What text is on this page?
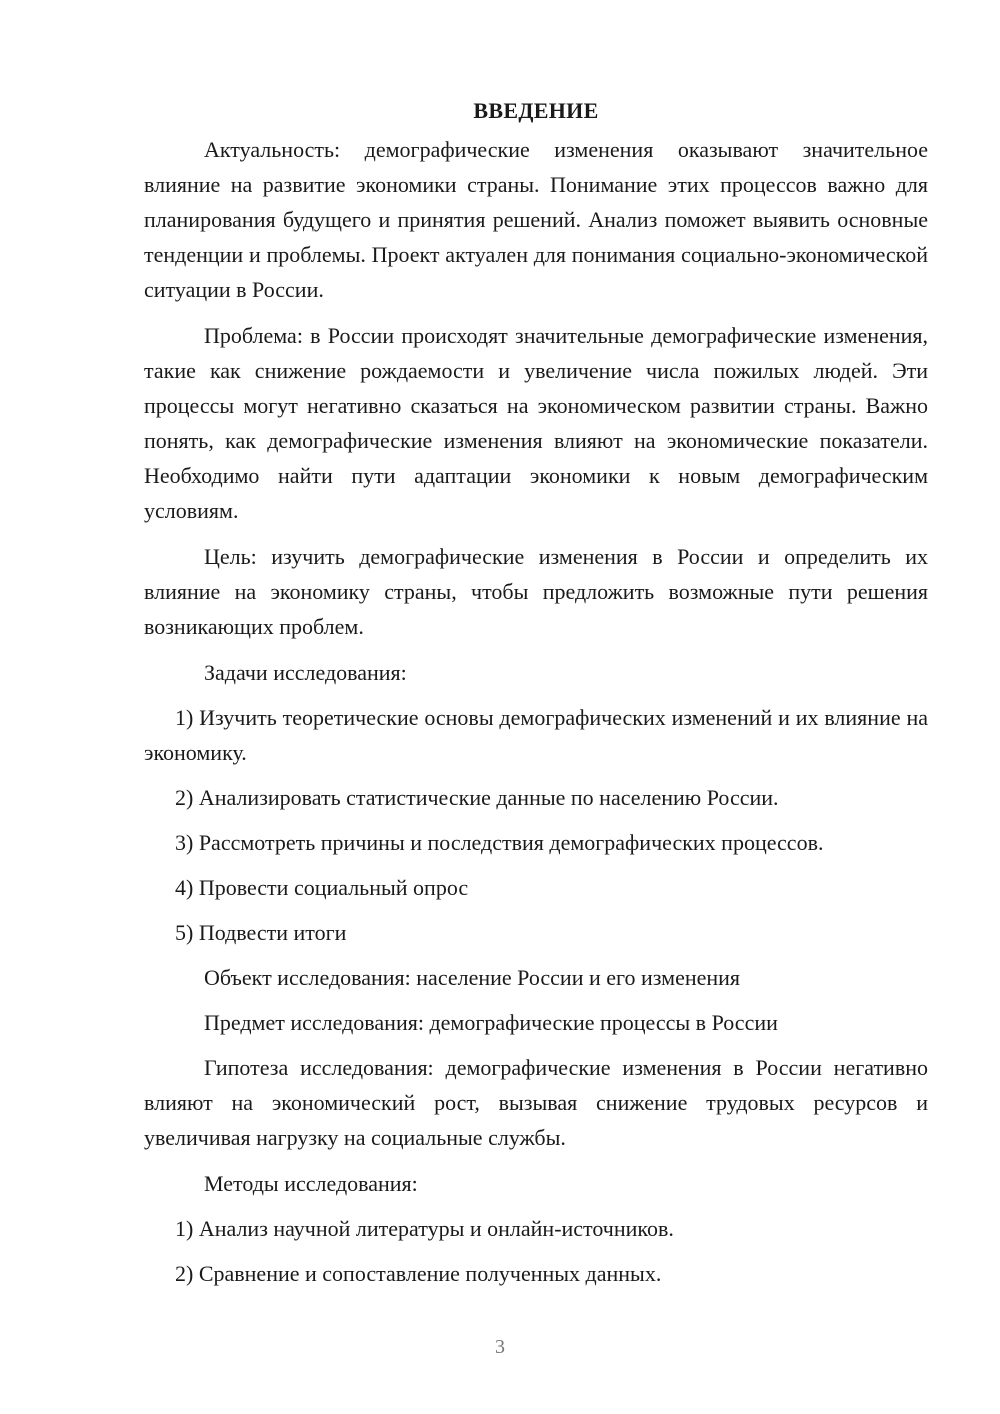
ВВЕДЕНИЕ

Актуальность: демографические изменения оказывают значительное влияние на развитие экономики страны. Понимание этих процессов важно для планирования будущего и принятия решений. Анализ поможет выявить основные тенденции и проблемы. Проект актуален для понимания социально-экономической ситуации в России.

Проблема: в России происходят значительные демографические изменения, такие как снижение рождаемости и увеличение числа пожилых людей. Эти процессы могут негативно сказаться на экономическом развитии страны. Важно понять, как демографические изменения влияют на экономические показатели. Необходимо найти пути адаптации экономики к новым демографическим условиям.

Цель: изучить демографические изменения в России и определить их влияние на экономику страны, чтобы предложить возможные пути решения возникающих проблем.

Задачи исследования:

1) Изучить теоретические основы демографических изменений и их влияние на экономику.

2) Анализировать статистические данные по населению России.

3) Рассмотреть причины и последствия демографических процессов.

4) Провести социальный опрос

5) Подвести итоги

Объект исследования: население России и его изменения

Предмет исследования: демографические процессы в России

Гипотеза исследования: демографические изменения в России негативно влияют на экономический рост, вызывая снижение трудовых ресурсов и увеличивая нагрузку на социальные службы.

Методы исследования:

1) Анализ научной литературы и онлайн-источников.

2) Сравнение и сопоставление полученных данных.

3
